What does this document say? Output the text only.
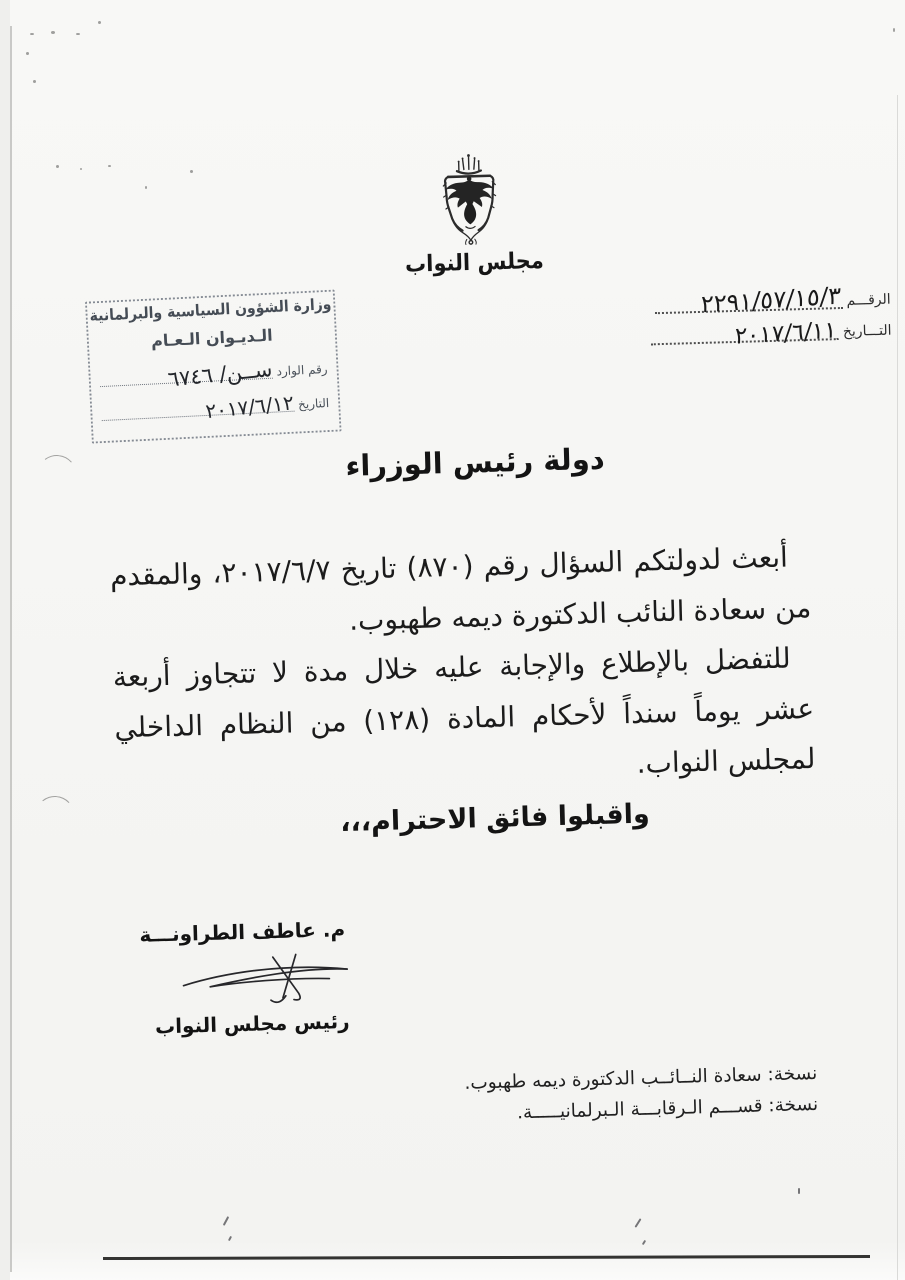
مجلس النواب
الرقـــم
٢٢٩١/٥٧/١٥/٣
التـــاريخ
٢٠١٧/٦/١١
وزارة الشؤون السياسية والبرلمانية
الـديـوان الـعـام
رقم الوارد
ســن/ ٦٧٤٦
التاريخ
٢٠١٧/٦/١٢
دولة رئيس الوزراء

أبعث لدولتكم السؤال رقم (٨٧٠) تاريخ ٢٠١٧/٦/٧، والمقدم من سعادة النائب الدكتورة ديمه طهبوب.

للتفضل بالإطلاع والإجابة عليه خلال مدة لا تتجاوز أربعة عشر يوماً سنداً لأحكام المادة (١٢٨) من النظام الداخلي لمجلس النواب.

واقبلوا فائق الاحترام،،،
م. عاطف الطراونـــة
رئيس مجلس النواب
نسخة: سعادة النــائــب الدكتورة ديمه طهبوب.
نسخة: قســـم الـرقابـــة الـبرلمانيـــــة.
